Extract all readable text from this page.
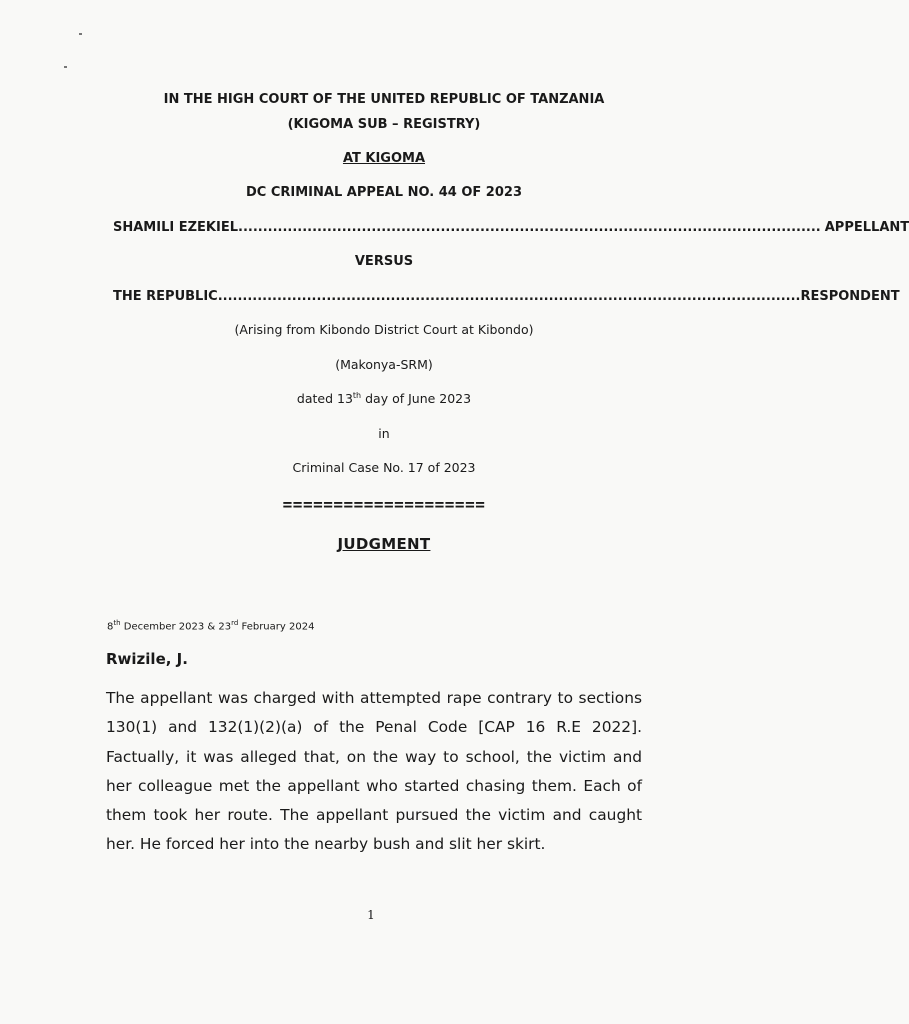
IN THE HIGH COURT OF THE UNITED REPUBLIC OF TANZANIA
(KIGOMA SUB – REGISTRY)
AT KIGOMA
DC CRIMINAL APPEAL NO. 44 OF 2023
SHAMILI EZEKIEL ...................................................................................................................... APPELLANT
VERSUS
THE REPUBLIC ...................................................................................................................... RESPONDENT
(Arising from Kibondo District Court at Kibondo)
(Makonya-SRM)
dated 13th day of June 2023
in
Criminal Case No. 17 of 2023
====================
JUDGMENT
8th December 2023 & 23rd February 2024
Rwizile, J.
The appellant was charged with attempted rape contrary to sections 130(1) and 132(1)(2)(a) of the Penal Code [CAP 16 R.E 2022]. Factually, it was alleged that, on the way to school, the victim and her colleague met the appellant who started chasing them. Each of them took her route. The appellant pursued the victim and caught her. He forced her into the nearby bush and slit her skirt.
1
